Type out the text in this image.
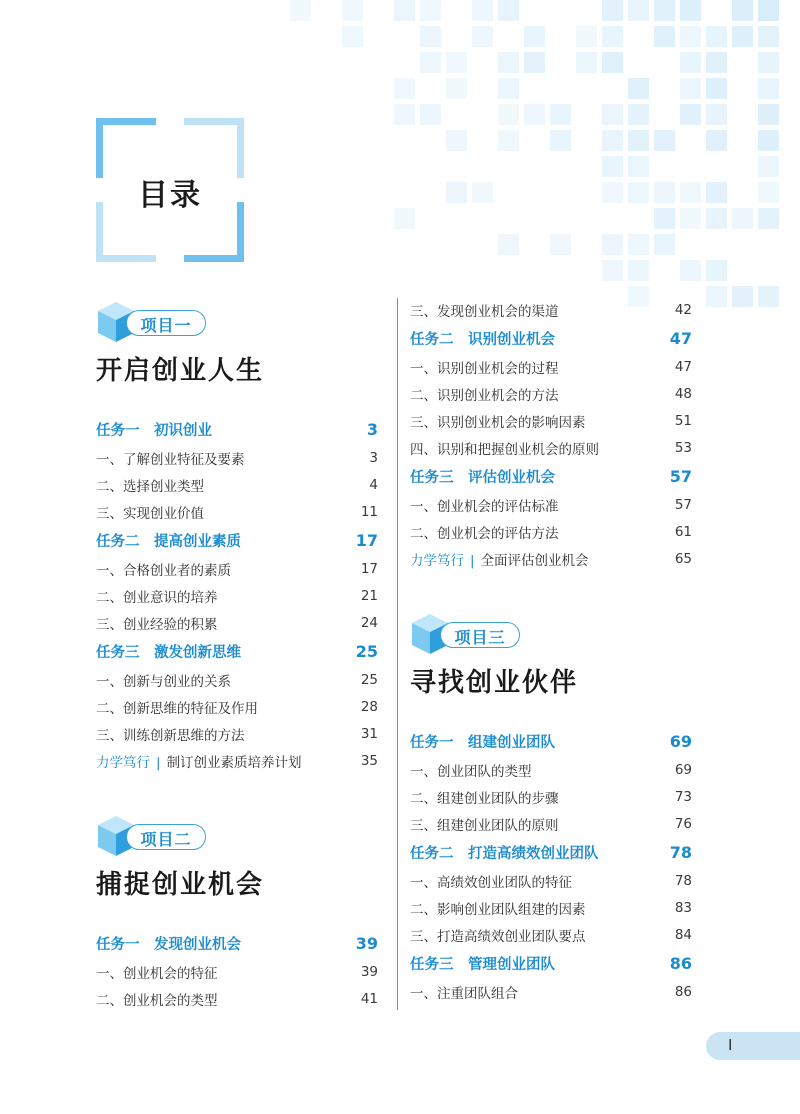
目录
项目一
开启创业人生
任务一　初识创业	3
一、了解创业特征及要素	3
二、选择创业类型	4
三、实现创业价值	11
任务二　提高创业素质	17
一、合格创业者的素质	17
二、创业意识的培养	21
三、创业经验的积累	24
任务三　激发创新思维	25
一、创新与创业的关系	25
二、创新思维的特征及作用	28
三、训练创新思维的方法	31
力学笃行 | 制订创业素质培养计划	35
项目二
捕捉创业机会
任务一　发现创业机会	39
一、创业机会的特征	39
二、创业机会的类型	41
三、发现创业机会的渠道	42
任务二　识别创业机会	47
一、识别创业机会的过程	47
二、识别创业机会的方法	48
三、识别创业机会的影响因素	51
四、识别和把握创业机会的原则	53
任务三　评估创业机会	57
一、创业机会的评估标准	57
二、创业机会的评估方法	61
力学笃行 | 全面评估创业机会	65
项目三
寻找创业伙伴
任务一　组建创业团队	69
一、创业团队的类型	69
二、组建创业团队的步骤	73
三、组建创业团队的原则	76
任务二　打造高绩效创业团队	78
一、高绩效创业团队的特征	78
二、影响创业团队组建的因素	83
三、打造高绩效创业团队要点	84
任务三　管理创业团队	86
一、注重团队组合	86
I
